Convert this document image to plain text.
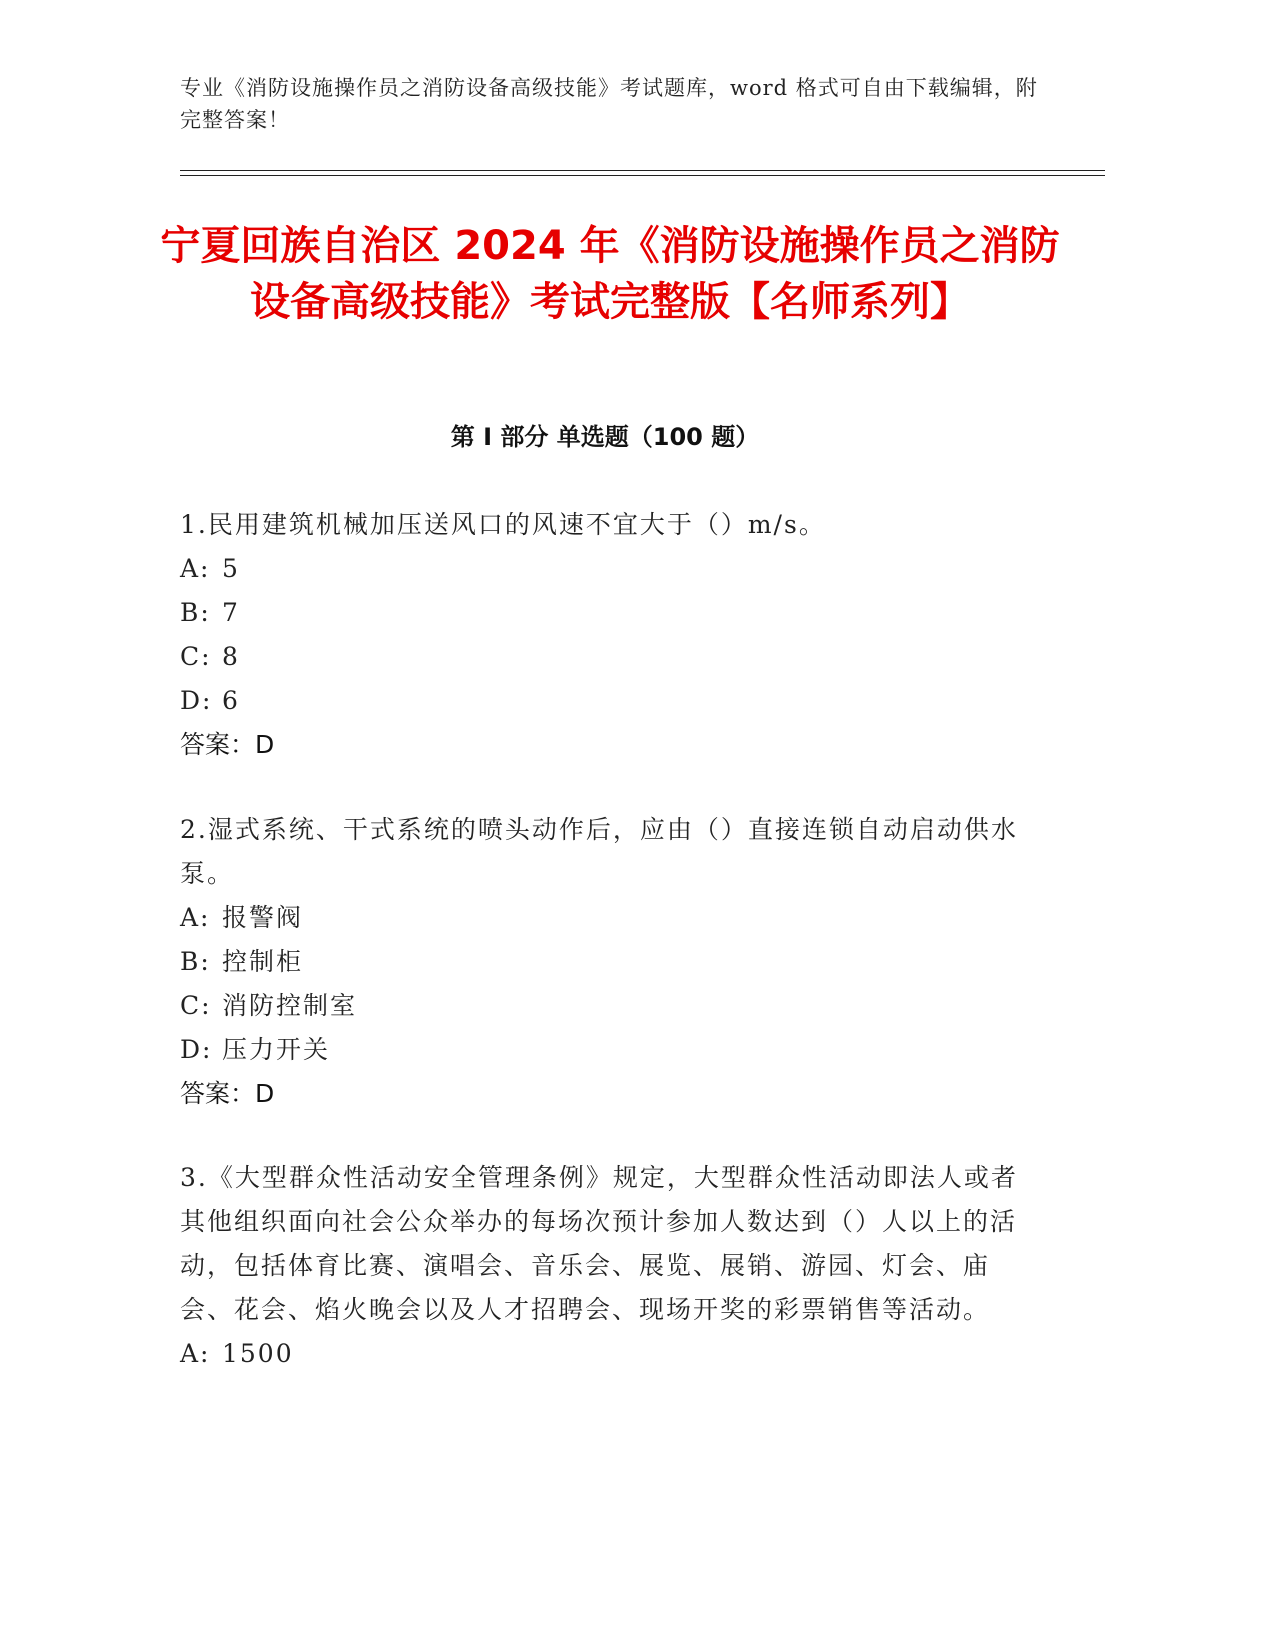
专业《消防设施操作员之消防设备高级技能》考试题库，word 格式可自由下载编辑，附完整答案！
宁夏回族自治区 2024 年《消防设施操作员之消防设备高级技能》考试完整版【名师系列】
第 I 部分 单选题（100 题）
1.民用建筑机械加压送风口的风速不宜大于（）m/s。
A: 5
B: 7
C: 8
D: 6
答案：D
2.湿式系统、干式系统的喷头动作后，应由（）直接连锁自动启动供水泵。
A: 报警阀
B: 控制柜
C: 消防控制室
D: 压力开关
答案：D
3.《大型群众性活动安全管理条例》规定，大型群众性活动即法人或者其他组织面向社会公众举办的每场次预计参加人数达到（）人以上的活动，包括体育比赛、演唱会、音乐会、展览、展销、游园、灯会、庙会、花会、焰火晚会以及人才招聘会、现场开奖的彩票销售等活动。
A: 1500
